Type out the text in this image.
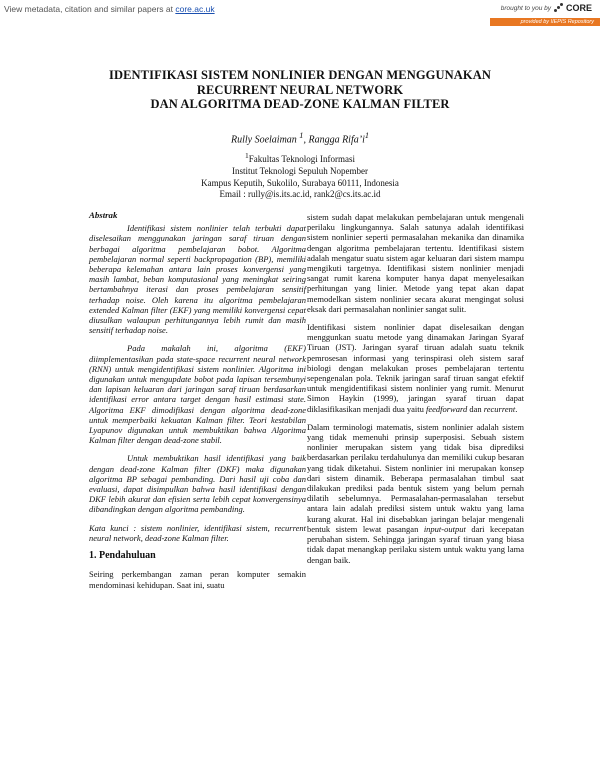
View metadata, citation and similar papers at core.ac.uk	brought to you by CORE
provided by IIEPIS Repository
IDENTIFIKASI SISTEM NONLINIER DENGAN MENGGUNAKAN
RECURRENT NEURAL NETWORK
DAN ALGORITMA DEAD-ZONE KALMAN FILTER
Rully Soelaiman $^1$, Rangga $Rifa’i^1$
$^1$Fakultas Teknologi Informasi
Institut Teknologi Sepuluh Nopember
Kampus Keputih, Sukolilo, Surabaya 60111, Indonesia
Email : rully@is.its.ac.id, rank2@cs.its.ac.id
Abstrak

Identifikasi sistem nonlinier telah terbukti dapat diselesaikan menggunakan jaringan saraf tiruan dengan berbagai algoritma pembelajaran bobot. Algoritma pembelajaran normal seperti backpropagation (BP), memiliki beberapa kelemahan antara lain proses konvergensi yang masih lambat, beban komputasional yang meningkat seiring bertambahnya iterasi dan proses pembelajaran sensitif terhadap noise. Oleh karena itu algoritma pembelajaran extended Kalman filter (EKF) yang memiliki konvergensi cepat diusulkan walaupun perhitungannya lebih rumit dan masih sensitif terhadap noise.

Pada makalah ini, algoritma (EKF) diimplementasikan pada state-space recurrent neural network (RNN) untuk mengidentifikasi sistem nonlinier. Algoritma ini digunakan untuk mengupdate bobot pada lapisan tersembunyi dan lapisan keluaran dari jaringan saraf tiruan berdasarkan identifikasi error antara target dengan hasil estimasi state. Algoritma EKF dimodifikasi dengan algoritma dead-zone untuk memperbaiki kekuatan Kalman filter. Teori kestabilan Lyapunov digunakan untuk membuktikan bahwa Algoritma Kalman filter dengan dead-zone stabil.

Untuk membuktikan hasil identifikasi yang baik dengan dead-zone Kalman filter (DKF) maka digunakan algoritma BP sebagai pembanding. Dari hasil uji coba dan evaluasi, dapat disimpulkan bahwa hasil identifikasi dengan DKF lebih akurat dan efisien serta lebih cepat konvergensinya dibandingkan dengan algoritma pembanding.

Kata kunci : sistem nonlinier, identifikasi sistem, recurrent neural network, dead-zone Kalman filter.

1. Pendahuluan

Seiring perkembangan zaman peran komputer semakin mendominasi kehidupan. Saat ini, suatu

sistem sudah dapat melakukan pembelajaran untuk mengenali perilaku lingkungannya. Salah satunya adalah identifikasi sistem nonlinier seperti permasalahan mekanika dan dinamika dengan algoritma pembelajaran tertentu. Identifikasi sistem adalah mengatur suatu sistem agar keluaran dari sistem mampu mengikuti targetnya. Identifikasi sistem nonlinier menjadi sangat rumit karena komputer hanya dapat menyelesaikan perhitungan yang linier. Metode yang tepat akan dapat memodelkan sistem nonlinier secara akurat mengingat solusi eksak dari permasalahan nonlinier sangat sulit.

Identifikasi sistem nonlinier dapat diselesaikan dengan menggunkan suatu metode yang dinamakan Jaringan Syaraf Tiruan (JST). Jaringan syaraf tiruan adalah suatu teknik pemrosesan informasi yang terinspirasi oleh sistem saraf biologi dengan melakukan proses pembelajaran tertentu sepengenalan pola. Teknik jaringan saraf tiruan sangat efektif untuk mengidentifikasi sistem nonlinier yang rumit. Menurut Simon Haykin (1999), jaringan syaraf tiruan dapat diklasifikasikan menjadi dua yaitu feedforward dan recurrent.

Dalam terminologi matematis, sistem nonlinier adalah sistem yang tidak memenuhi prinsip superposisi. Sebuah sistem nonlinier merupakan sistem yang tidak bisa diprediksi berdasarkan perilaku terdahulunya dan memiliki cukup besaran yang tidak diketahui. Sistem nonlinier ini merupakan konsep dari sistem dinamik. Beberapa permasalahan timbul saat dilakukan prediksi pada bentuk sistem yang belum pernah dilatih sebelumnya. Permasalahan-permasalahan tersebut antara lain adalah prediksi sistem untuk waktu yang lama kurang akurat. Hal ini disebabkan jaringan belajar mengenali bentuk sistem lewat pasangan input-output dari kecepatan perubahan sistem. Sehingga jaringan syaraf tiruan yang biasa tidak dapat menangkap perilaku sistem untuk waktu yang lama dengan baik.
